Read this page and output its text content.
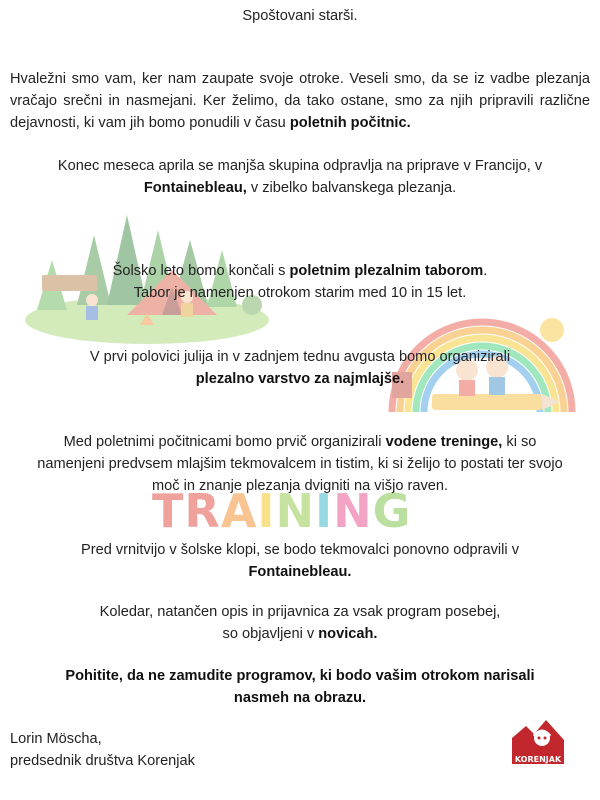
TRAINING
Spoštovani starši.
Hvaležni smo vam, ker nam zaupate svoje otroke. Veseli smo, da se iz vadbe plezanja vračajo srečni in nasmejani. Ker želimo, da tako ostane, smo za njih pripravili različne dejavnosti, ki vam jih bomo ponudili v času poletnih počitnic.
Konec meseca aprila se manjša skupina odpravlja na priprave v Francijo, v
Fontainebleau, v zibelko balvanskega plezanja.
Šolsko leto bomo končali s poletnim plezalnim taborom.
Tabor je namenjen otrokom starim med 10 in 15 let.
V prvi polovici julija in v zadnjem tednu avgusta bomo organizirali
plezalno varstvo za najmlajše.
Med poletnimi počitnicami bomo prvič organizirali vodene treninge, ki so namenjeni predvsem mlajšim tekmovalcem in tistim, ki si želijo to postati ter svojo moč in znanje plezanja dvigniti na višjo raven.
Pred vrnitvijo v šolske klopi, se bodo tekmovalci ponovno odpravili v
Fontainebleau.
Koledar, natančen opis in prijavnica za vsak program posebej,
so objavljeni v novicah.
Pohitite, da ne zamudite programov, ki bodo vašim otrokom narisali
nasmeh na obrazu.
Lorin Möscha,
predsednik društva Korenjak	KORENJAK
